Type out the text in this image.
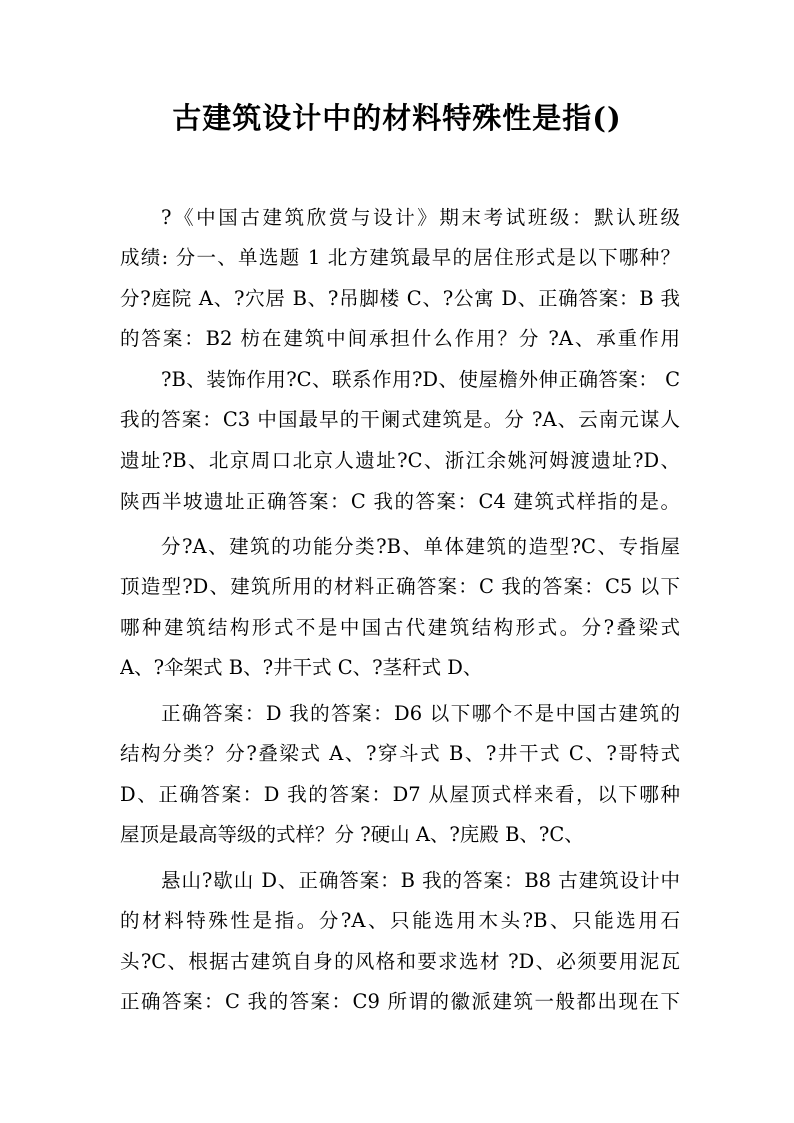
古建筑设计中的材料特殊性是指()
?《中国古建筑欣赏与设计》期末考试班级：默认班级
成绩: 分一、单选题 1 北方建筑最早的居住形式是以下哪种？
分?庭院 A、?穴居 B、?吊脚楼 C、?公寓 D、正确答案：B 我
的答案：B2 枋在建筑中间承担什么作用？分 ?A、承重作用
?B、装饰作用?C、联系作用?D、使屋檐外伸正确答案： C
我的答案：C3 中国最早的干阑式建筑是。分 ?A、云南元谋人
遗址?B、北京周口北京人遗址?C、浙江余姚河姆渡遗址?D、
陕西半坡遗址正确答案：C 我的答案：C4 建筑式样指的是。
分?A、建筑的功能分类?B、单体建筑的造型?C、专指屋
顶造型?D、建筑所用的材料正确答案：C 我的答案：C5 以下
哪种建筑结构形式不是中国古代建筑结构形式。分?叠梁式
A、?伞架式 B、?井干式 C、?茎秆式 D、
正确答案：D 我的答案：D6 以下哪个不是中国古建筑的
结构分类？分?叠梁式 A、?穿斗式 B、?井干式 C、?哥特式
D、正确答案：D 我的答案：D7 从屋顶式样来看，以下哪种
屋顶是最高等级的式样？分 ?硬山 A、?庑殿 B、?C、
悬山?歇山 D、正确答案：B 我的答案：B8 古建筑设计中
的材料特殊性是指。分?A、只能选用木头?B、只能选用石
头?C、根据古建筑自身的风格和要求选材 ?D、必须要用泥瓦
正确答案：C 我的答案：C9 所谓的徽派建筑一般都出现在下
